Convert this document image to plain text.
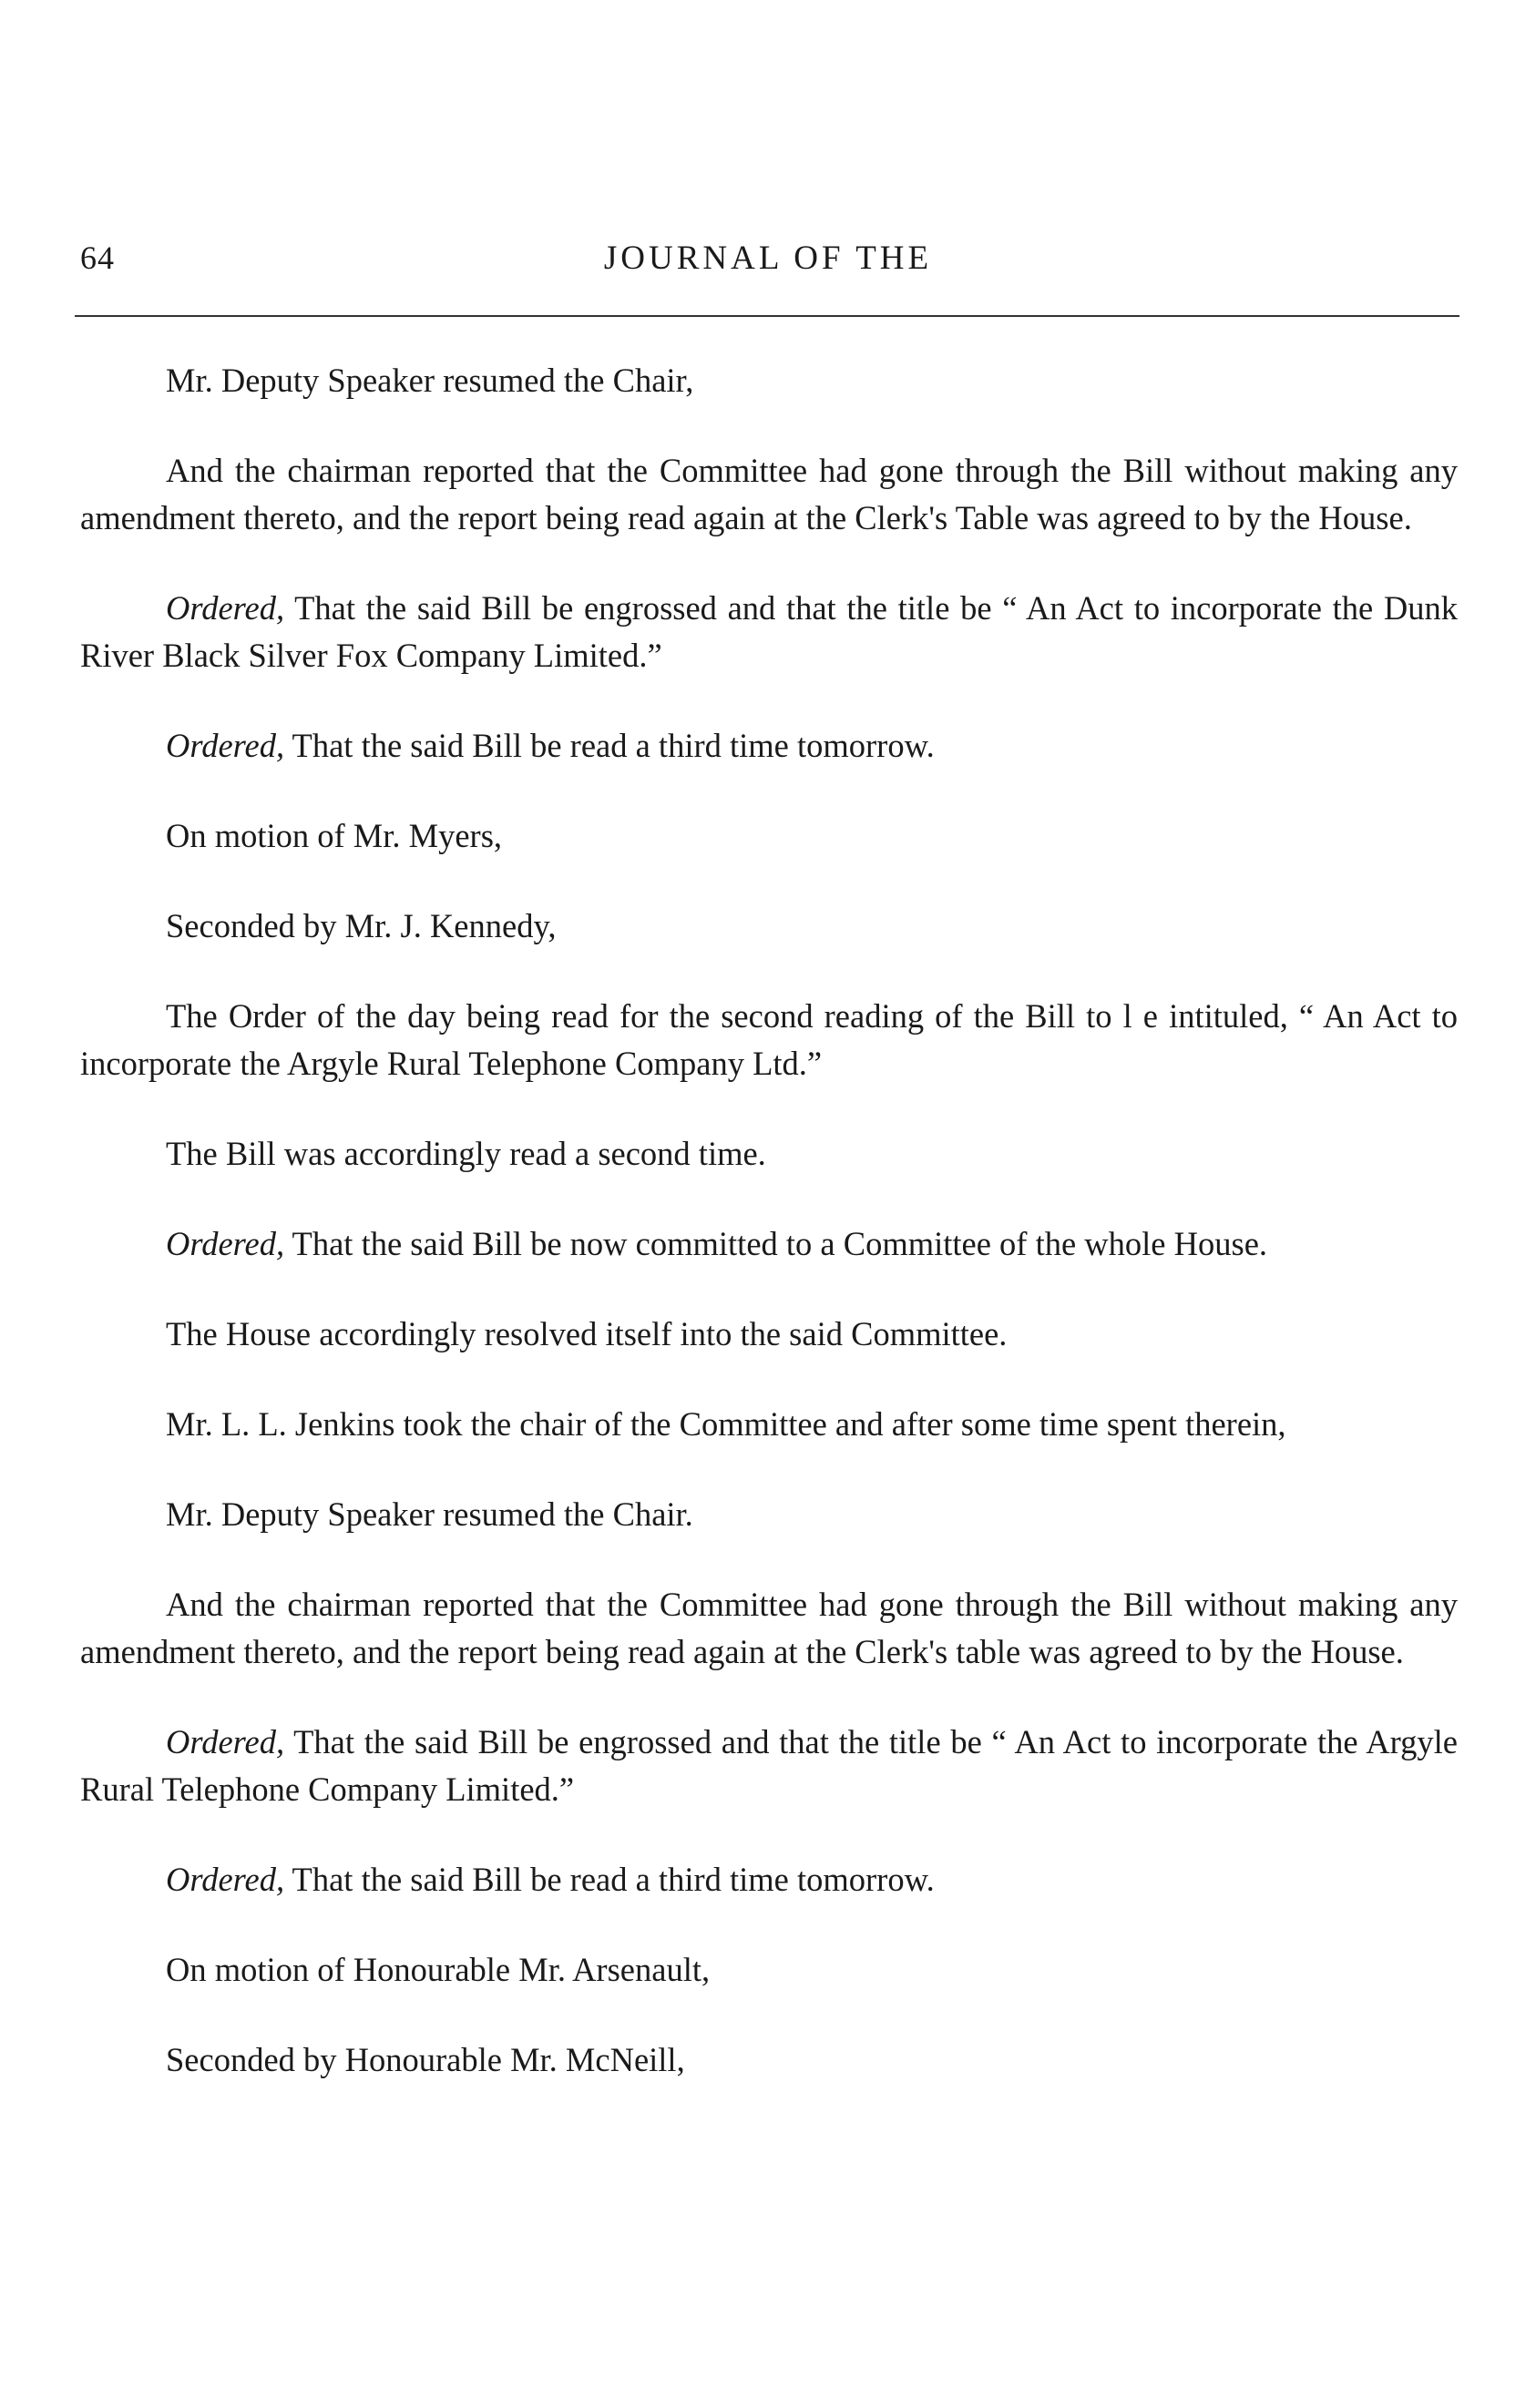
64	JOURNAL OF THE

Mr. Deputy Speaker resumed the Chair,

And the chairman reported that the Committee had gone through the Bill without making any amendment thereto, and the report being read again at the Clerk's Table was agreed to by the House.

Ordered, That the said Bill be engrossed and that the title be “ An Act to incorporate the Dunk River Black Silver Fox Company Limited.”

Ordered, That the said Bill be read a third time tomorrow.

On motion of Mr. Myers,

Seconded by Mr. J. Kennedy,

The Order of the day being read for the second reading of the Bill to l e intituled, “ An Act to incorporate the Argyle Rural Telephone Company Ltd.”

The Bill was accordingly read a second time.

Ordered, That the said Bill be now committed to a Committee of the whole House.

The House accordingly resolved itself into the said Committee.

Mr. L. L. Jenkins took the chair of the Committee and after some time spent therein,

Mr. Deputy Speaker resumed the Chair.

And the chairman reported that the Committee had gone through the Bill without making any amendment thereto, and the report being read again at the Clerk's table was agreed to by the House.

Ordered, That the said Bill be engrossed and that the title be “ An Act to incorporate the Argyle Rural Telephone Company Limited.”

Ordered, That the said Bill be read a third time tomorrow.

On motion of Honourable Mr. Arsenault,

Seconded by Honourable Mr. McNeill,
